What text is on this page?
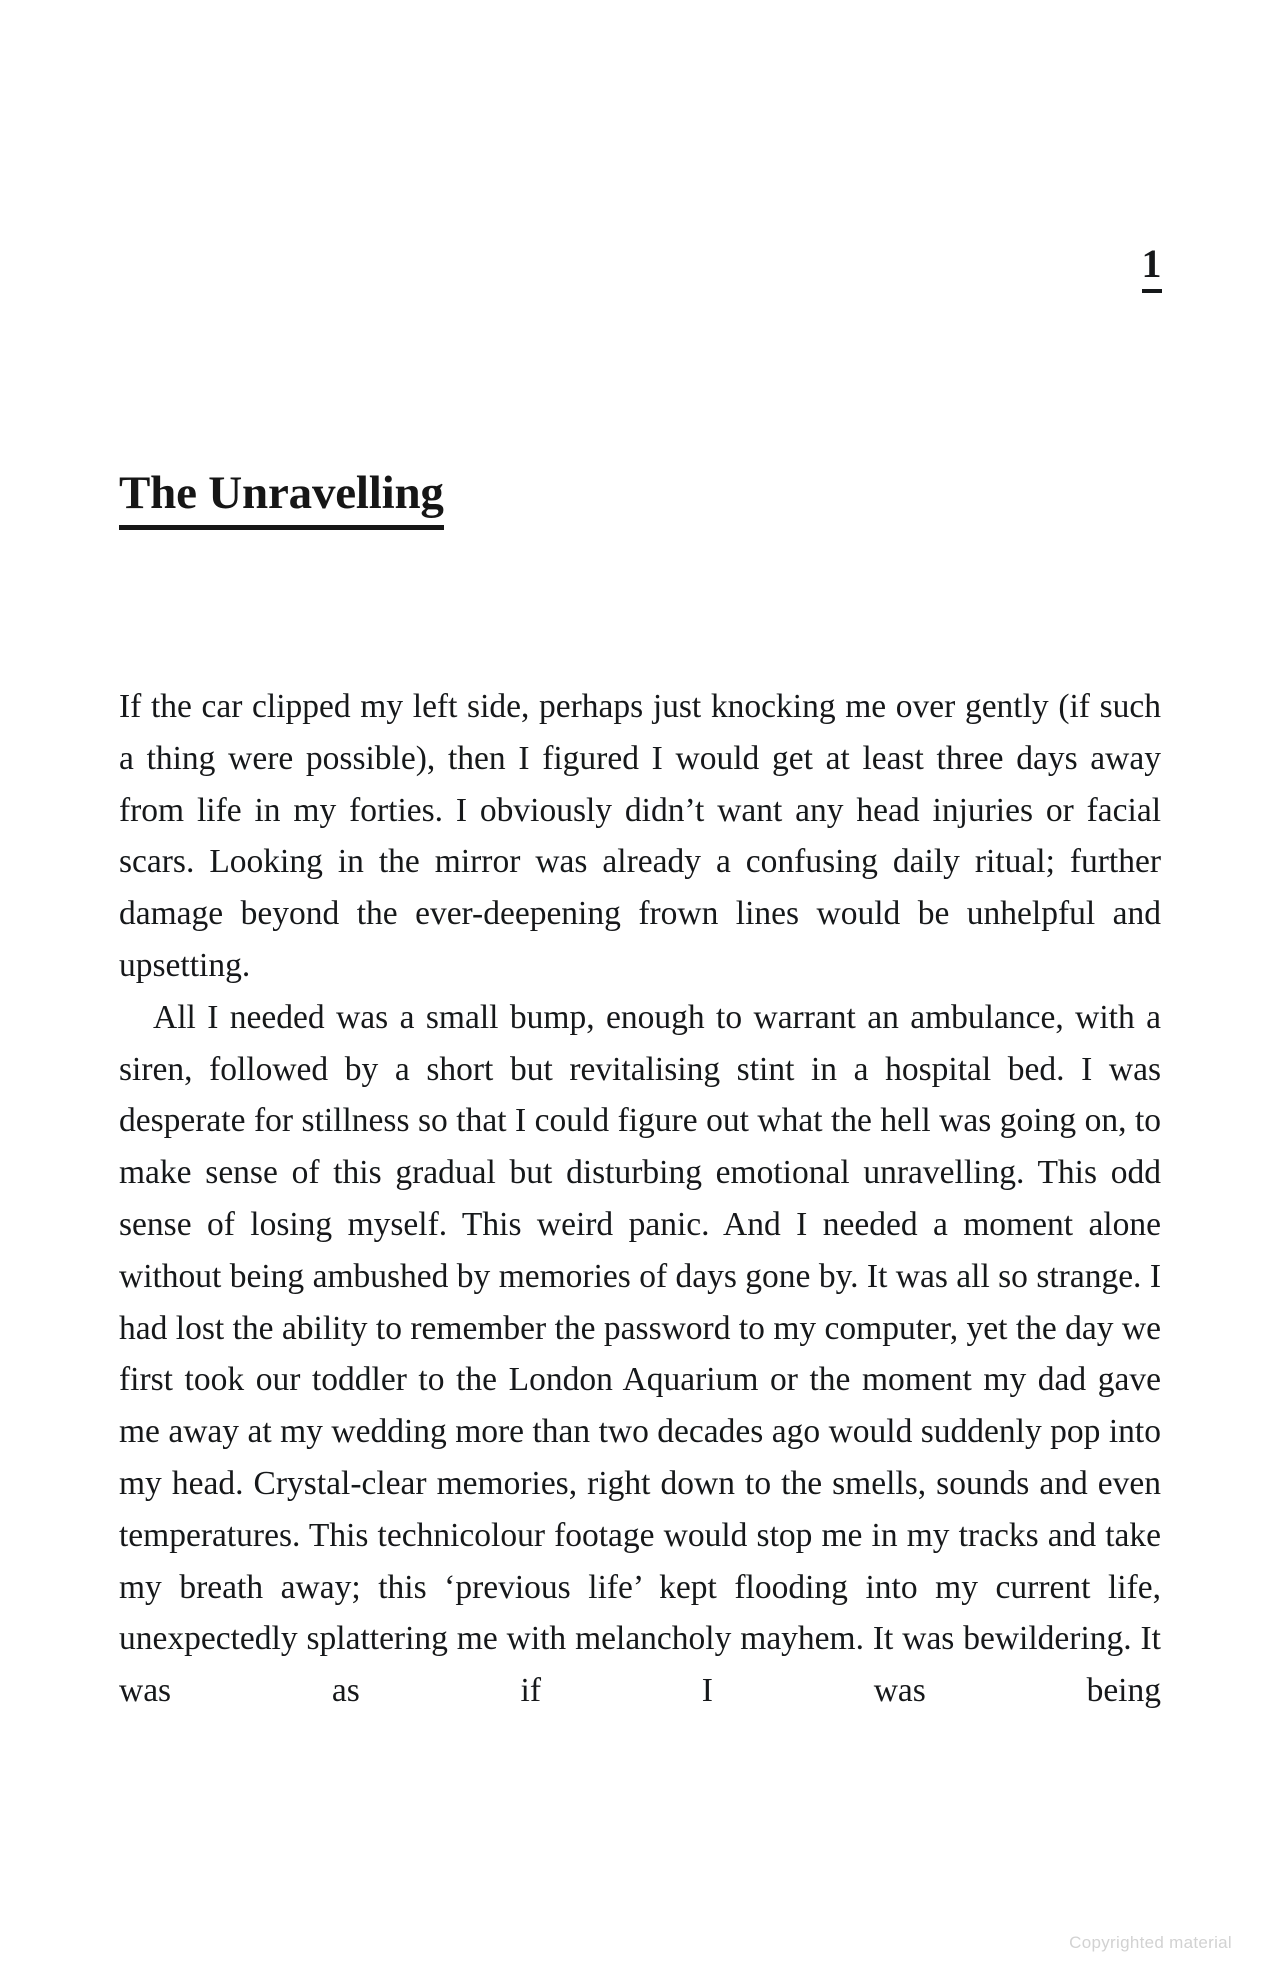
1
The Unravelling

If the car clipped my left side, perhaps just knocking me over gently (if such a thing were possible), then I figured I would get at least three days away from life in my forties. I obviously didn’t want any head injuries or facial scars. Looking in the mirror was already a confusing daily ritual; further damage beyond the ever-deepening frown lines would be unhelpful and upsetting.

All I needed was a small bump, enough to warrant an ambulance, with a siren, followed by a short but revitalising stint in a hospital bed. I was desperate for stillness so that I could figure out what the hell was going on, to make sense of this gradual but disturbing emotional unravelling. This odd sense of losing myself. This weird panic. And I needed a moment alone without being ambushed by memories of days gone by. It was all so strange. I had lost the ability to remember the password to my computer, yet the day we first took our toddler to the London Aquarium or the moment my dad gave me away at my wedding more than two decades ago would suddenly pop into my head. Crystal-clear memories, right down to the smells, sounds and even temperatures. This technicolour footage would stop me in my tracks and take my breath away; this ‘previous life’ kept flooding into my current life, unexpectedly splattering me with melancholy mayhem. It was bewildering. It was as if I was being

Copyrighted material
